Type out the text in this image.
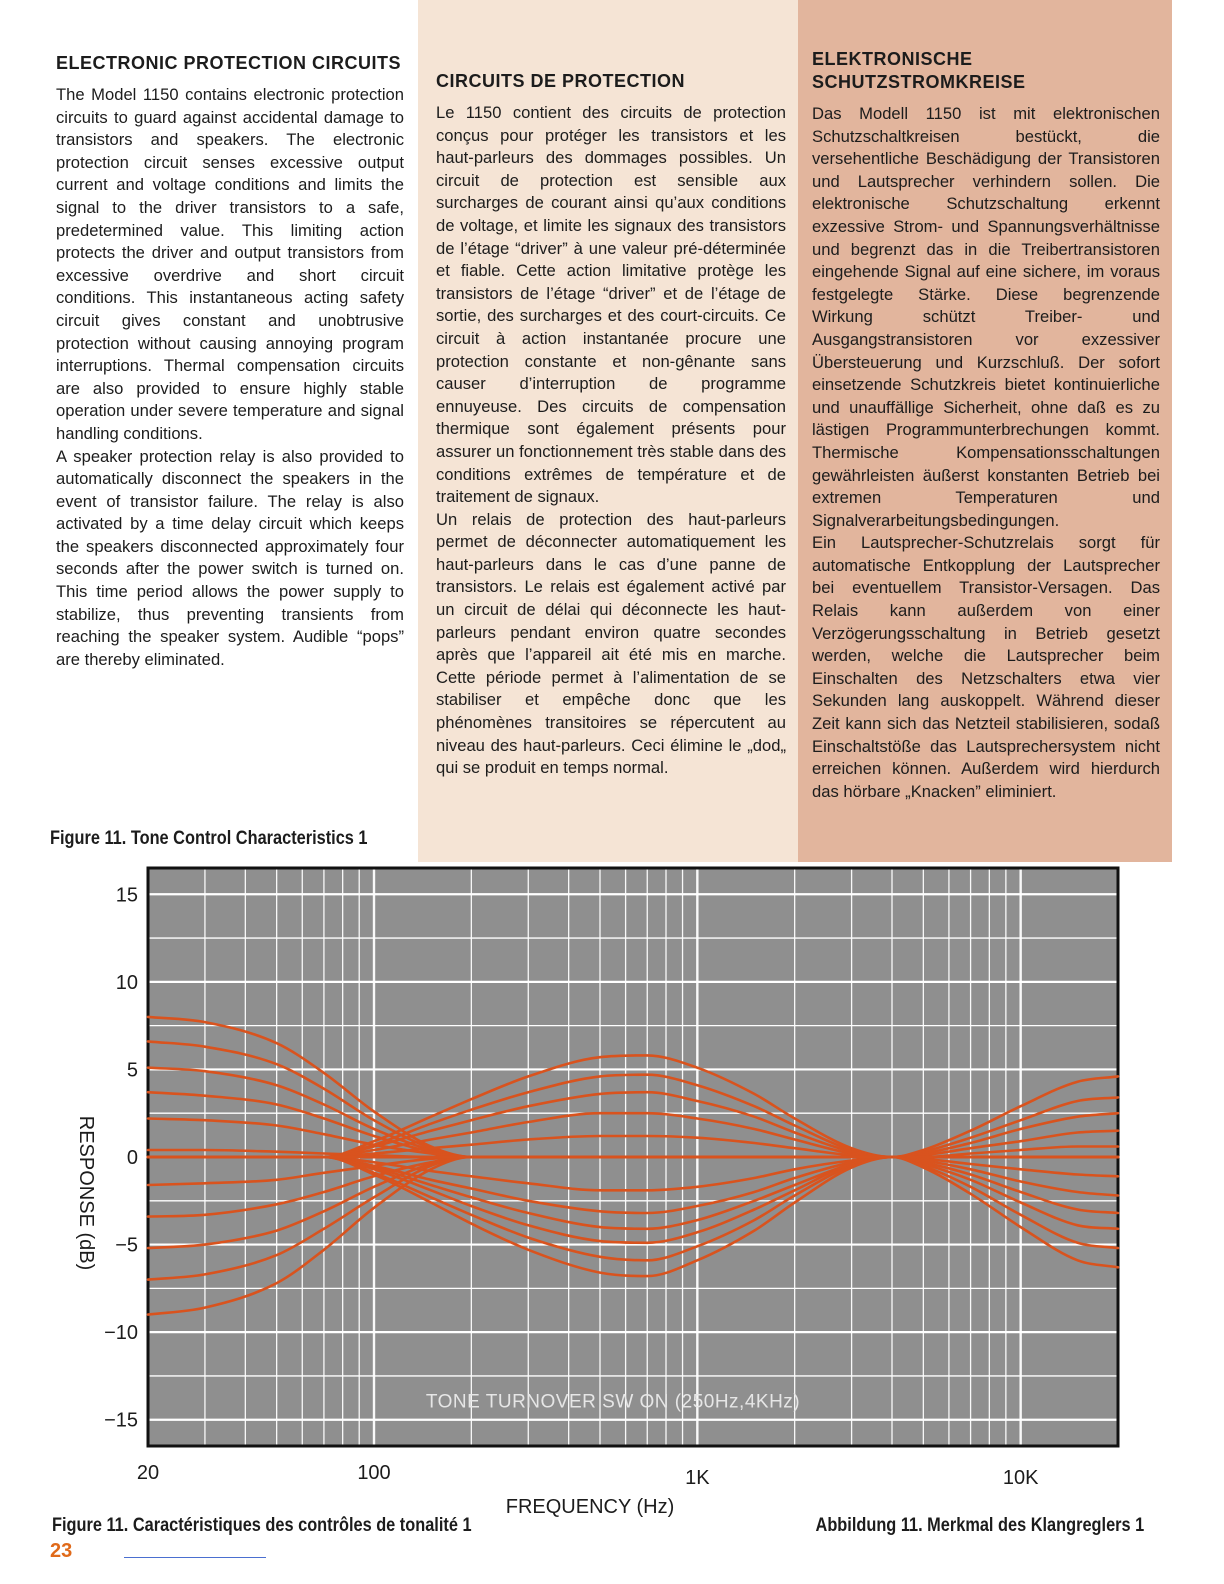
ELECTRONIC PROTECTION CIRCUITS

The Model 1150 contains electronic protection circuits to guard against accidental damage to transistors and speakers. The electronic protection circuit senses excessive output current and voltage conditions and limits the signal to the driver transistors to a safe, predetermined value. This limiting action protects the driver and output transistors from excessive overdrive and short circuit conditions. This instantaneous acting safety circuit gives constant and unobtrusive protection without causing annoying program interruptions. Thermal compensation circuits are also provided to ensure highly stable operation under severe temperature and signal handling conditions.

A speaker protection relay is also provided to automatically disconnect the speakers in the event of transistor failure. The relay is also activated by a time delay circuit which keeps the speakers disconnected approximately four seconds after the power switch is turned on. This time period allows the power supply to stabilize, thus preventing transients from reaching the speaker system. Audible “pops” are thereby eliminated.

CIRCUITS DE PROTECTION

Le 1150 contient des circuits de protection conçus pour protéger les transistors et les haut-parleurs des dommages possibles. Un circuit de protection est sensible aux surcharges de courant ainsi qu’aux conditions de voltage, et limite les signaux des transistors de l’étage “driver” à une valeur pré-déterminée et fiable. Cette action limitative protège les transistors de l’étage “driver” et de l’étage de sortie, des surcharges et des court-circuits. Ce circuit à action instantanée procure une protection constante et non-gênante sans causer d’interruption de programme ennuyeuse. Des circuits de compensation thermique sont également présents pour assurer un fonctionnement très stable dans des conditions extrêmes de température et de traitement de signaux.

Un relais de protection des haut-parleurs permet de déconnecter automatiquement les haut-parleurs dans le cas d’une panne de transistors. Le relais est également activé par un circuit de délai qui déconnecte les haut-parleurs pendant environ quatre secondes après que l’appareil ait été mis en marche. Cette période permet à l’alimentation de se stabiliser et empêche donc que les phénomènes transitoires se répercutent au niveau des haut-parleurs. Ceci élimine le „dod„ qui se produit en temps normal.

ELEKTRONISCHE SCHUTZSTROMKREISE

Das Modell 1150 ist mit elektronischen Schutzschaltkreisen bestückt, die versehentliche Beschädigung der Transistoren und Lautsprecher verhindern sollen. Die elektronische Schutzschaltung erkennt exzessive Strom- und Spannungsverhältnisse und begrenzt das in die Treibertransistoren eingehende Signal auf eine sichere, im voraus festgelegte Stärke. Diese begrenzende Wirkung schützt Treiber- und Ausgangstransistoren vor exzessiver Übersteuerung und Kurzschluß. Der sofort einsetzende Schutzkreis bietet kontinuierliche und unauffällige Sicherheit, ohne daß es zu lästigen Programmunterbrechungen kommt. Thermische Kompensationsschaltungen gewährleisten äußerst konstanten Betrieb bei extremen Temperaturen und Signalverarbeitungsbedingungen.

Ein Lautsprecher-Schutzrelais sorgt für automatische Entkopplung der Lautsprecher bei eventuellem Transistor-Versagen. Das Relais kann außerdem von einer Verzögerungsschaltung in Betrieb gesetzt werden, welche die Lautsprecher beim Einschalten des Netzschalters etwa vier Sekunden lang auskoppelt. Während dieser Zeit kann sich das Netzteil stabilisieren, sodaß Einschaltstöße das Lautsprechersystem nicht erreichen können. Außerdem wird hierdurch das hörbare „Knacken” eliminiert.

Figure 11. Tone Control Characteristics 1
TONE TURNOVER SW ON (250Hz,4KHz)
15
10
5
0
−5
−10
−15
20	100	1K	10K
FREQUENCY (Hz)
RESPONSE (dB)
Figure 11. Caractéristiques des contrôles de tonalité 1	Abbildung 11. Merkmal des Klangreglers 1
23
